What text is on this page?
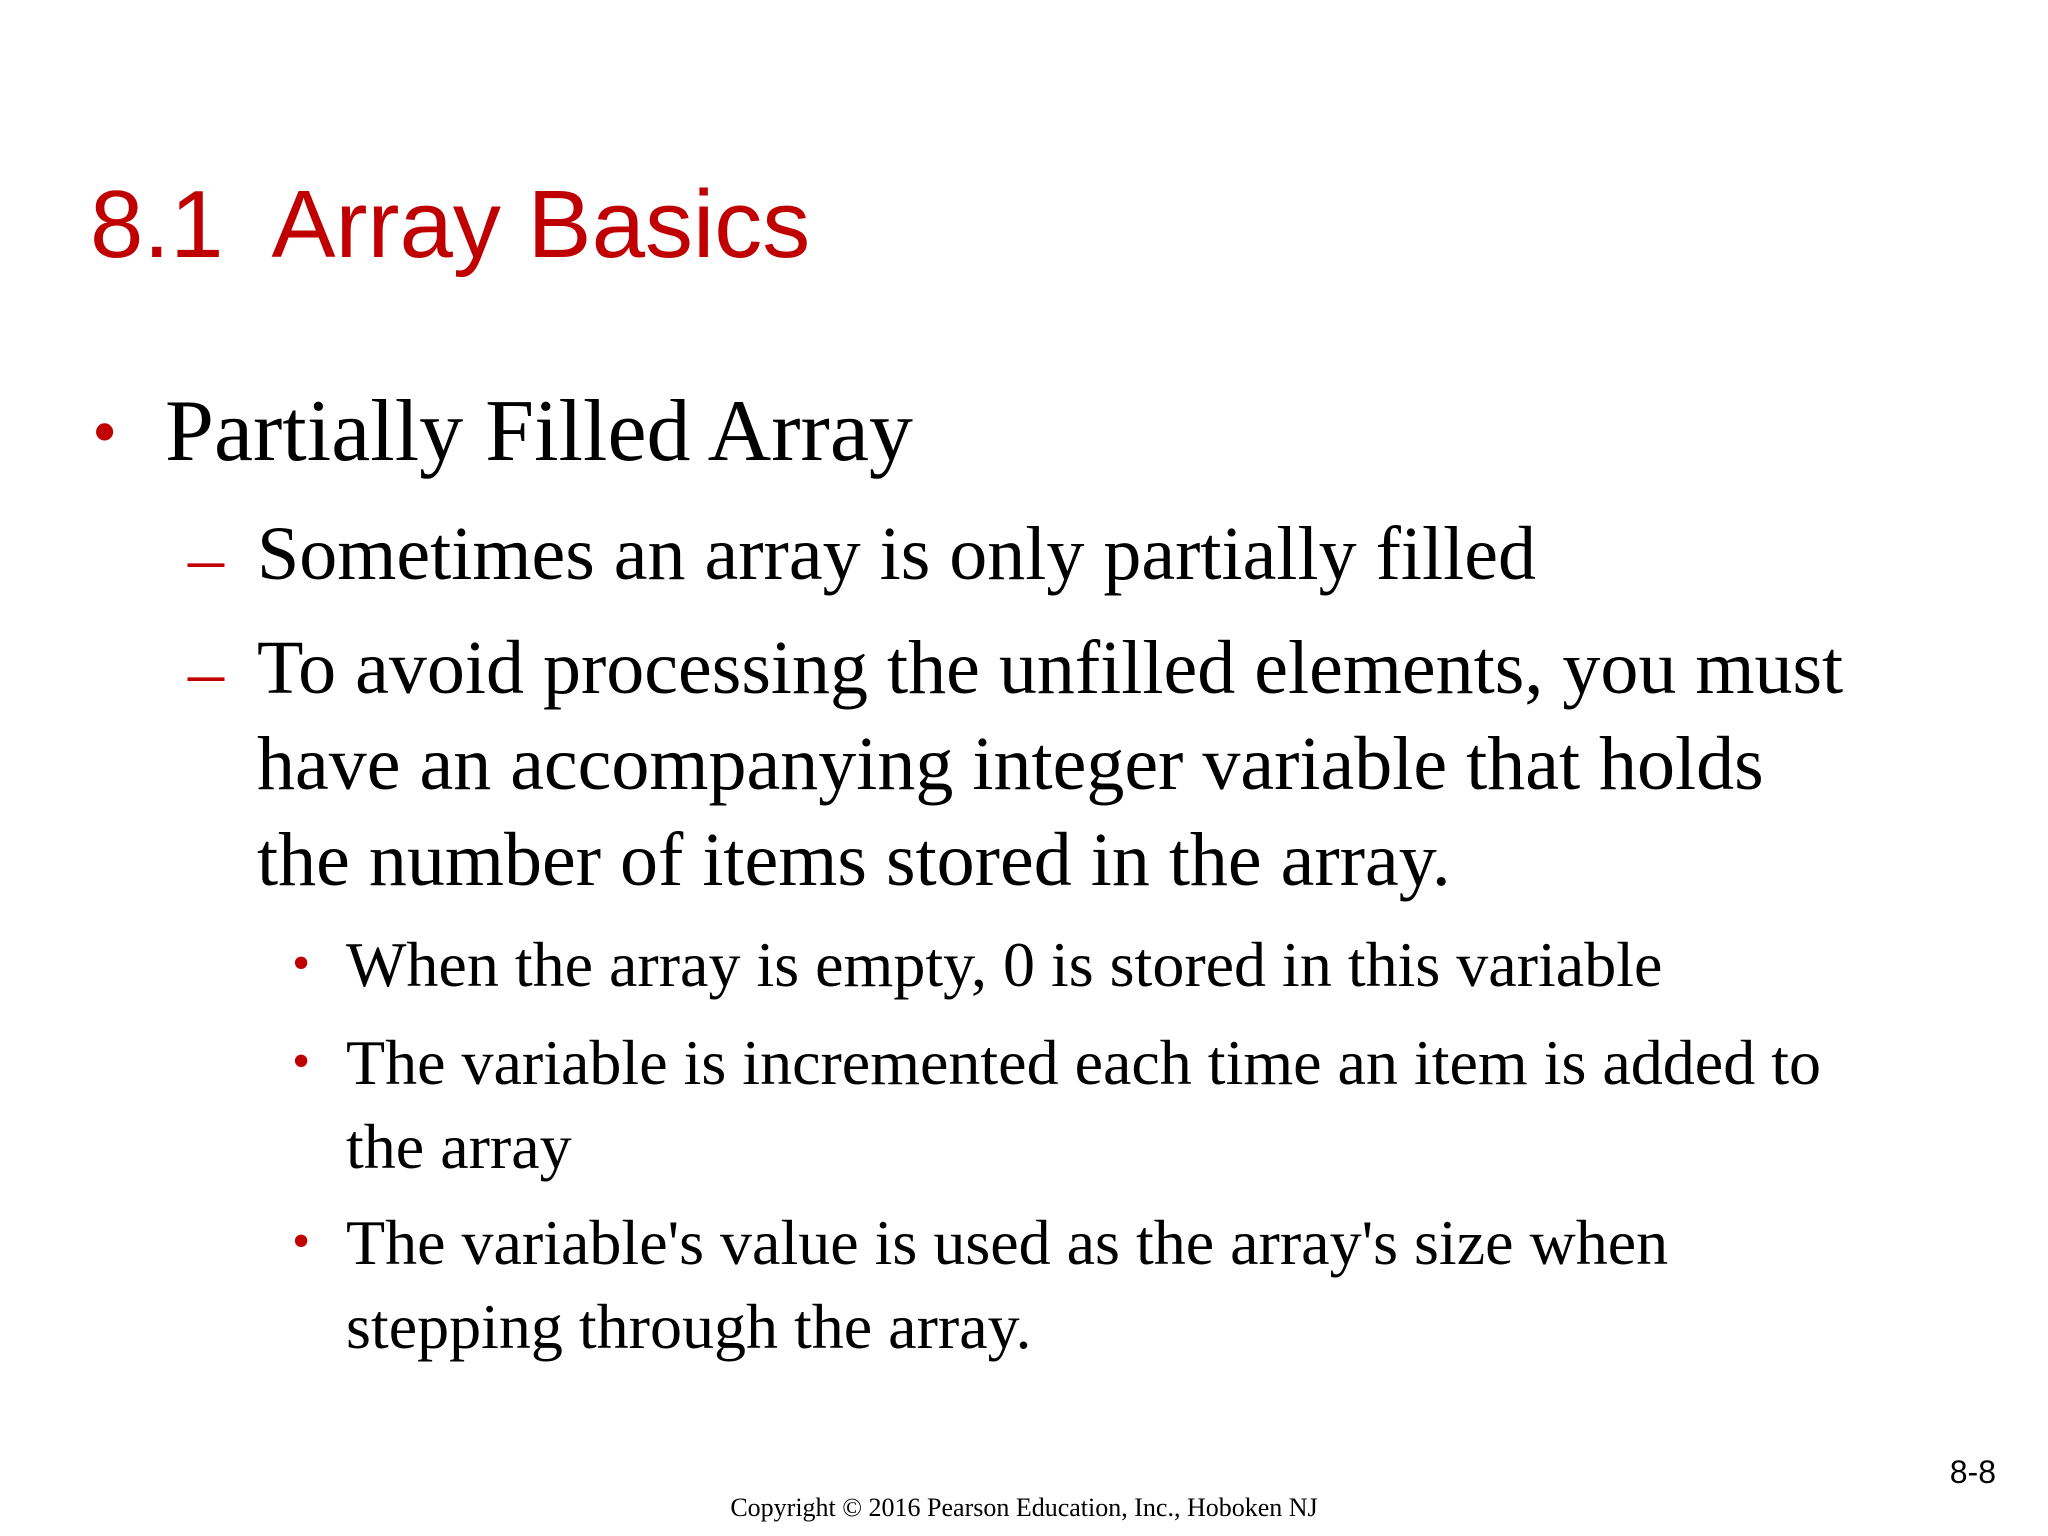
8.1  Array Basics
• Partially Filled Array

– Sometimes an array is only partially filled

– To avoid processing the unfilled elements, you must

have an accompanying integer variable that holds

the number of items stored in the array.

• When the array is empty, 0 is stored in this variable

• The variable is incremented each time an item is added to

the array

• The variable's value is used as the array's size when

stepping through the array.

8-8
Copyright © 2016 Pearson Education, Inc., Hoboken NJ
